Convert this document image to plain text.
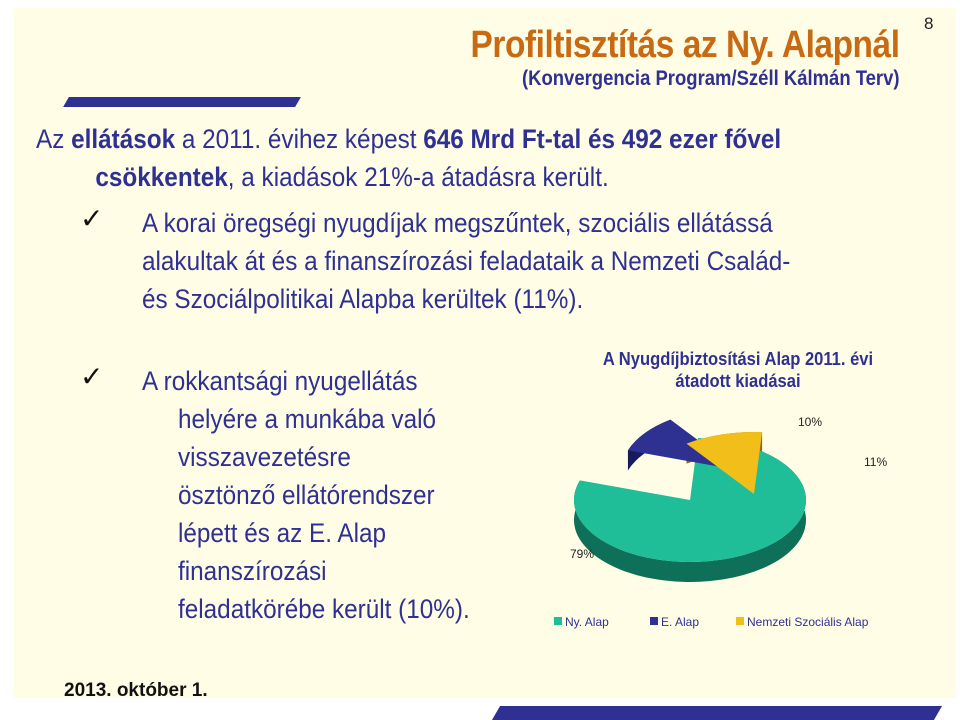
8
Profiltisztítás az Ny. Alapnál
(Konvergencia Program/Széll Kálmán Terv)
Az ellátások a 2011. évihez képest 646 Mrd Ft-tal és 492 ezer fővel
csökkentek, a kiadások 21%-a átadásra került.
✓ A korai öregségi nyugdíjak megszűntek, szociális ellátássá
alakultak át és a finanszírozási feladataik a Nemzeti Család-
és Szociálpolitikai Alapba kerültek (11%).
✓ A rokkantsági nyugellátás
helyére a munkába való
visszavezetésre
ösztönző ellátórendszer
lépett és az E. Alap
finanszírozási
feladatkörébe került (10%).
A Nyugdíjbiztosítási Alap 2011. évi
átadott kiadásai
79%
10%
11%
Ny. Alap	E. Alap	Nemzeti Szociális Alap
2013. október 1.
